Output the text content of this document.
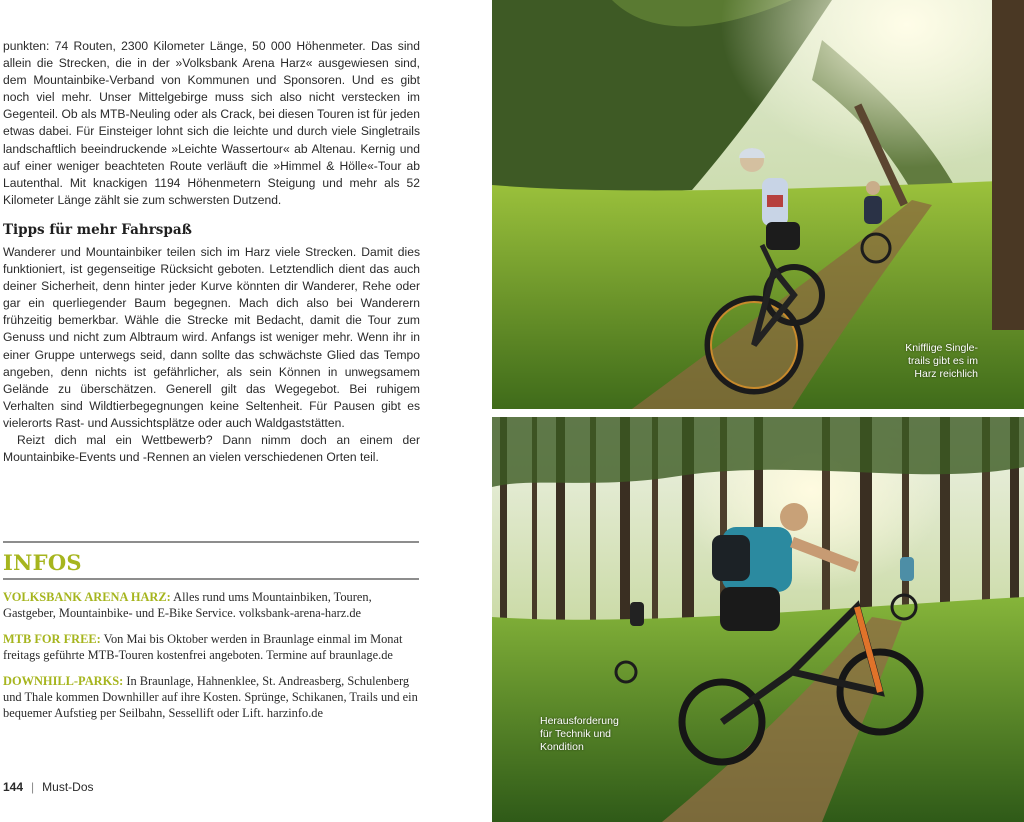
punkten: 74 Routen, 2300 Kilometer Länge, 50 000 Höhenmeter. Das sind allein die Strecken, die in der »Volksbank Arena Harz« ausgewiesen sind, dem Mountainbike-Verband von Kommunen und Sponsoren. Und es gibt noch viel mehr. Unser Mittelgebirge muss sich also nicht verstecken im Gegenteil. Ob als MTB-Neuling oder als Crack, bei diesen Touren ist für jeden etwas dabei. Für Einsteiger lohnt sich die leichte und durch viele Singletrails landschaftlich beeindruckende »Leichte Wassertour« ab Altenau. Kernig und auf einer weniger beachteten Route verläuft die »Himmel & Hölle«-Tour ab Lautenthal. Mit knackigen 1194 Höhenmetern Steigung und mehr als 52 Kilometer Länge zählt sie zum schwersten Dutzend.

Tipps für mehr Fahrspaß

Wanderer und Mountainbiker teilen sich im Harz viele Strecken. Damit dies funktioniert, ist gegenseitige Rücksicht geboten. Letztendlich dient das auch deiner Sicherheit, denn hinter jeder Kurve könnten dir Wanderer, Rehe oder gar ein querliegender Baum begegnen. Mach dich also bei Wanderern frühzeitig bemerkbar. Wähle die Strecke mit Bedacht, damit die Tour zum Genuss und nicht zum Albtraum wird. Anfangs ist weniger mehr. Wenn ihr in einer Gruppe unterwegs seid, dann sollte das schwächste Glied das Tempo angeben, denn nichts ist gefährlicher, als sein Können in unwegsamem Gelände zu überschätzen. Generell gilt das Wegegebot. Bei ruhigem Verhalten sind Wildtierbegegnungen keine Seltenheit. Für Pausen gibt es vielerorts Rast- und Aussichtsplätze oder auch Waldgaststätten.

Reizt dich mal ein Wettbewerb? Dann nimm doch an einem der Mountainbike-Events und -Rennen an vielen verschiedenen Orten teil.

INFOS
VOLKSBANK ARENA HARZ: Alles rund ums Mountainbiken, Touren, Gastgeber, Mountainbike- und E-Bike Service. volksbank-arena-harz.de
MTB FOR FREE: Von Mai bis Oktober werden in Braunlage einmal im Monat freitags geführte MTB-Touren kostenfrei angeboten. Termine auf braunlage.de
DOWNHILL-PARKS: In Braunlage, Hahnenklee, St. Andreasberg, Schulenberg und Thale kommen Downhiller auf ihre Kosten. Sprünge, Schikanen, Trails und ein bequemer Aufstieg per Seilbahn, Sessellift oder Lift. harzinfo.de
144 | Must-Dos
Knifflige Single-
trails gibt es im
Harz reichlich
Herausforderung
für Technik und
Kondition
